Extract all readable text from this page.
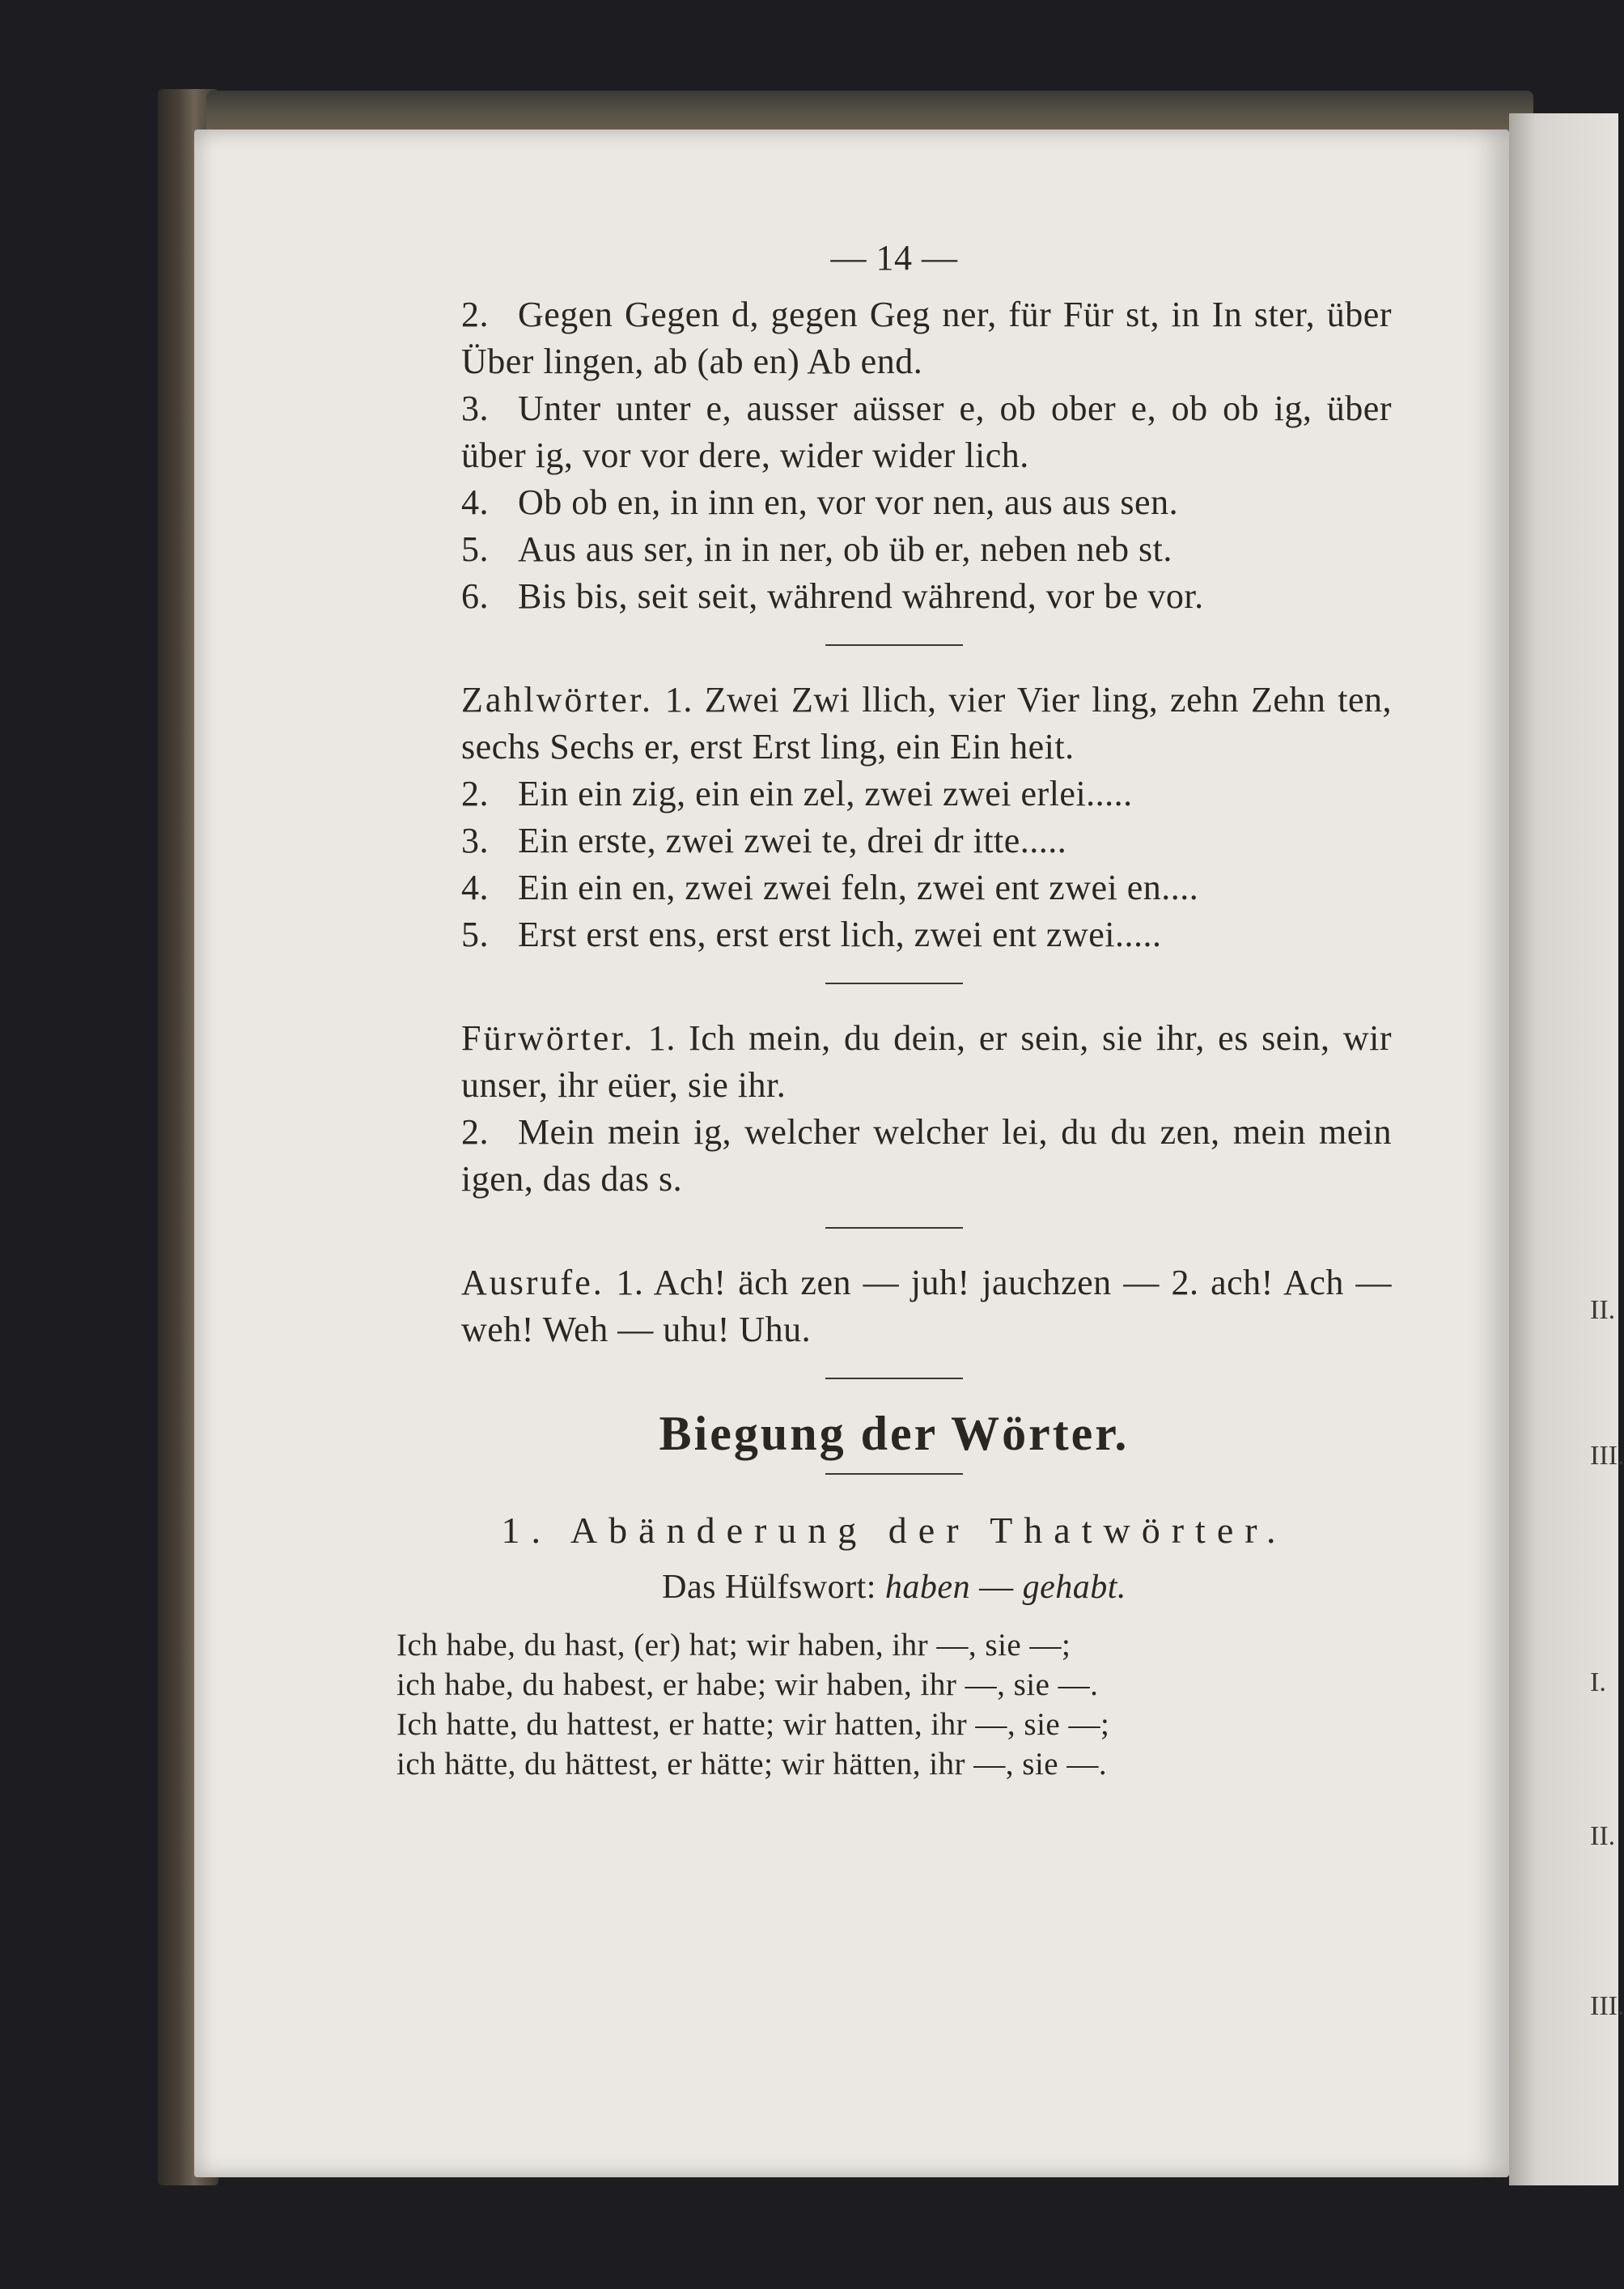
II.
III.
I.
II.
III.
— 14 —

2. Gegen Gegen d, gegen Geg ner, für Für st, in In ster, über Über lingen, ab (ab en) Ab end.

3. Unter unter e, ausser aüsser e, ob ober e, ob ob ig, über über ig, vor vor dere, wider wider lich.

4. Ob ob en, in inn en, vor vor nen, aus aus sen.

5. Aus aus ser, in in ner, ob üb er, neben neb st.

6. Bis bis, seit seit, während während, vor be vor.

Zahlwörter. 1. Zwei Zwi llich, vier Vier ling, zehn Zehn ten, sechs Sechs er, erst Erst ling, ein Ein heit.

2. Ein ein zig, ein ein zel, zwei zwei erlei.....

3. Ein erste, zwei zwei te, drei dr itte.....

4. Ein ein en, zwei zwei feln, zwei ent zwei en....

5. Erst erst ens, erst erst lich, zwei ent zwei.....

Fürwörter. 1. Ich mein, du dein, er sein, sie ihr, es sein, wir unser, ihr eüer, sie ihr.

2. Mein mein ig, welcher welcher lei, du du zen, mein mein igen, das das s.

Ausrufe. 1. Ach! äch zen — juh! jauchzen — 2. ach! Ach — weh! Weh — uhu! Uhu.

Biegung der Wörter.
1. Abänderung der Thatwörter.
Das Hülfswort: haben — gehabt.

Ich habe, du hast, (er) hat; wir haben, ihr —, sie —;

ich habe, du habest, er habe; wir haben, ihr —, sie —.

Ich hatte, du hattest, er hatte; wir hatten, ihr —, sie —;

ich hätte, du hättest, er hätte; wir hätten, ihr —, sie —.
